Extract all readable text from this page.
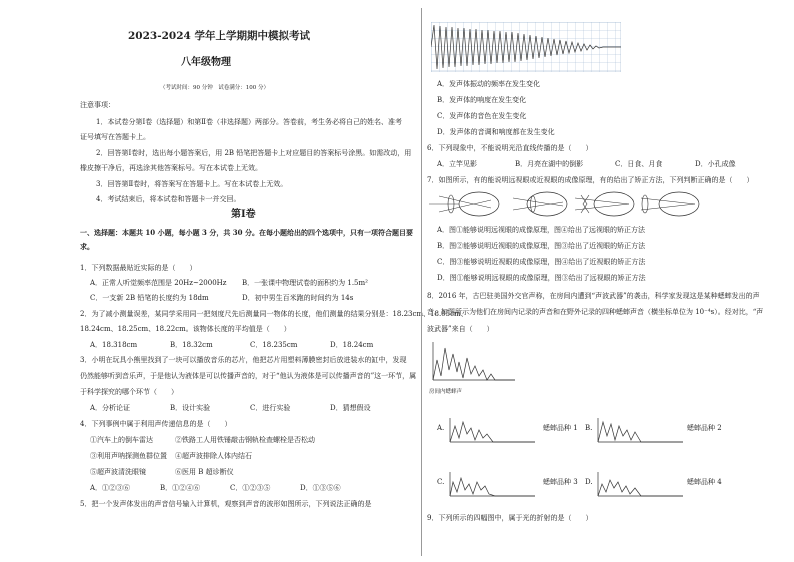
2023-2024 学年上学期期中模拟考试
八年级物理
（考试时间：90 分钟　试卷满分：100 分）
注意事项：
1．本试卷分第Ⅰ卷（选择题）和第Ⅱ卷（非选择题）两部分。答卷前，考生务必将自己的姓名、准考
证号填写在答题卡上。
2．回答第Ⅰ卷时，选出每小题答案后，用 2B 铅笔把答题卡上对应题目的答案标号涂黑。如需改动，用
橡皮擦干净后，再选涂其他答案标号。写在本试卷上无效。
3．回答第Ⅱ卷时，将答案写在答题卡上。写在本试卷上无效。
4．考试结束后，将本试卷和答题卡一并交回。
第Ⅰ卷
一、选择题：本题共 10 小题，每小题 3 分，共 30 分。在每小题给出的四个选项中，只有一项符合题目要
求。
1．下列数据最贴近实际的是（　　）
A．正常人听觉频率范围是 20Hz~2000Hz B．一张课中物理试卷的面积约为 1.5m²
C．一支新 2B 铅笔的长度约为 18dm	D．初中男生百米跑的时间约为 14s
2．为了减小测量误差，某同学采用同一把刻度尺先后测量同一物体的长度，他们测量的结果分别是：18.23cm、18.05cm、
18.24cm、18.25cm、18.22cm。该物体长度的平均值是（　　）
A．18.318cm	B．18.32cm	C．18.235cm	D．18.24cm
3．小明在玩具小熊里找到了一块可以播放音乐的芯片，他把芯片用塑料薄膜密封后放进装水的缸中，发现
仍然能够听到音乐声，于是他认为液体是可以传播声音的，对于“他认为液体是可以传播声音的”这一环节，属
于科学探究的哪个环节（　　）
A．分析论证	B．设计实验	C．进行实验	D．猜想假设
4．下列事例中属于利用声传递信息的是（　　）
①汽车上的倒车雷达	②铁路工人用铁锤敲击钢轨检查螺栓是否松动
③利用声呐探测鱼群位置 ④超声波排除人体内结石
⑤超声波清洗眼镜	⑥医用 B 超诊断仪
A．①②③⑥	B．①②④⑥	C．①②③⑤	D．①③⑤⑥
5．把一个发声体发出的声音信号输入计算机，观察到声音的波形如图所示，下列说法正确的是
A．发声体振动的频率在发生变化
B．发声体的响度在发生变化
C．发声体的音色在发生变化
D．发声体的音调和响度都在发生变化
6．下列现象中，不能说明光沿直线传播的是（　　）
A．立竿见影	B．月亮在湖中的倒影	C．日食、月食	D．小孔成像
7．如图所示，有的能说明远视眼或近视眼的成像原理，有的给出了矫正方法，下列判断正确的是（　　）
A．图①能够说明远视眼的成像原理，图④给出了远视眼的矫正方法
B．图②能够说明近视眼的成像原理，图③给出了近视眼的矫正方法
C．图③能够说明近视眼的成像原理，图④给出了近视眼的矫正方法
D．图①能够说明远视眼的成像原理，图③给出了远视眼的矫正方法
8．2016 年，古巴驻美国外交官声称，在房间内遭到“声波武器”的袭击，科学家发现这是某种蟋蟀发出的声
音。如图所示为他们在房间内记录的声音和在野外记录的四种蟋蟀声音（横坐标单位为 10⁻⁴s）。经对比，“声
波武器”来自（　　）
房间内蟋蟀声
A.	蟋蟀品种 1 B.	蟋蟀品种 2
C.	蟋蟀品种 3 D.	蟋蟀品种 4
9．下列所示的四幅图中，属于光的折射的是（　　）
